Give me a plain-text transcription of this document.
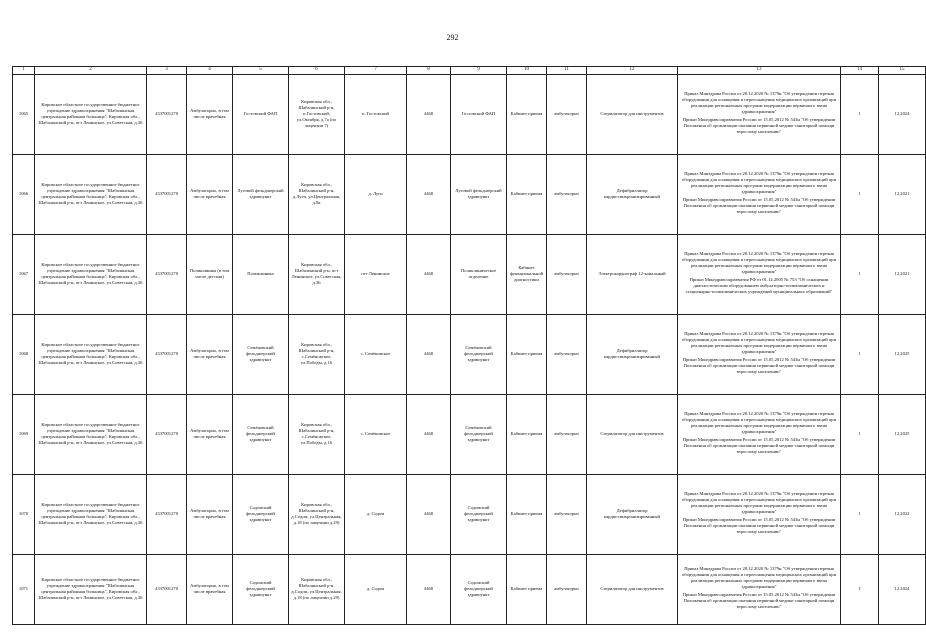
292
1	2	3	4	5	6	7	8	9	10	11	12	13	14	15
1065	Кировское областное государственное бюджетное учреждение здравоохранения "Шабалинская центральная районная больница", Кировская обл., Шабалинский р-н, пгт Ленинское, ул.Советская, д.36	4337001270	Амбулаторно, в том числе врачебная	Гостовский ФАП	Кировская обл., Шабалинский р-н, п.Гостовский, ул.Октября, д.7а (по лицензии 7)	п. Гостовский	4468	Гостовский ФАП	Кабинет приема	амбулаторно	Стерилизатор для инструментов	Приказ Минздрава России от 28.12.2020 № 1379н "Об утверждении перечня оборудования для оснащения и переоснащения медицинских организаций при реализации региональных программ модернизации первичного звена здравоохранения"
Приказ Минздравсоцразвития России от 15.05.2012 № 543н "Об утверждении Положения об организации оказания первичной медико-санитарной помощи взрослому населению"	1	12.2024
1066	Кировское областное государственное бюджетное учреждение здравоохранения "Шабалинская центральная районная больница", Кировская обл., Шабалинский р-н, пгт Ленинское, ул.Советская, д.36	4337001270	Амбулаторно, в том числе врачебная	Луговой фельдшерский здравпункт	Кировская обл., Шабалинский р-н, д.Луги, ул.Центральная, д.8а	д. Луги	4468	Луговой фельдшерский здравпункт	Кабинет приема	амбулаторно	Дефибриллятор кардиосинхронизированный	Приказ Минздрава России от 28.12.2020 № 1379н "Об утверждении перечня оборудования для оснащения и переоснащения медицинских организаций при реализации региональных программ модернизации первичного звена здравоохранения"
Приказ Минздравсоцразвития России от 15.05.2012 № 543н "Об утверждении Положения об организации оказания первичной медико-санитарной помощи взрослому населению"	1	12.2021
1067	Кировское областное государственное бюджетное учреждение здравоохранения "Шабалинская центральная районная больница", Кировская обл., Шабалинский р-н, пгт Ленинское, ул.Советская, д.36	4337001270	Поликлиника (в том числе детская)	Поликлиника	Кировская обл., Шабалинский р-н, пгт Ленинское, ул.Советская, д.36	пгт Ленинское	4468	Поликлиническое отделение	Кабинет функциональной диагностики	амбулаторно	Электрокардиограф 12-канальный	Приказ Минздрава России от 28.12.2020 № 1379н "Об утверждении перечня оборудования для оснащения и переоснащения медицинских организаций при реализации региональных программ модернизации первичного звена здравоохранения"
Приказ Минздравсоцразвития РФ от 01.12.2005 № 753 "Об оснащении диагностическим оборудованием амбулаторно-поликлинических и стационарно-поликлинических учреждений муниципальных образований"	1	12.2021
1068	Кировское областное государственное бюджетное учреждение здравоохранения "Шабалинская центральная районная больница", Кировская обл., Шабалинский р-н, пгт Ленинское, ул.Советская, д.36	4337001270	Амбулаторно, в том числе врачебная	Семёновский фельдшерский здравпункт	Кировская обл., Шабалинский р-н, с.Семёновское, ул.Победы, д.16	с. Семёновское	4468	Семёновский фельдшерский здравпункт	Кабинет приема	амбулаторно	Дефибриллятор кардиосинхронизированный	Приказ Минздрава России от 28.12.2020 № 1379н "Об утверждении перечня оборудования для оснащения и переоснащения медицинских организаций при реализации региональных программ модернизации первичного звена здравоохранения"
Приказ Минздравсоцразвития России от 15.05.2012 № 543н "Об утверждении Положения об организации оказания первичной медико-санитарной помощи взрослому населению"	1	12.2025
1069	Кировское областное государственное бюджетное учреждение здравоохранения "Шабалинская центральная районная больница", Кировская обл., Шабалинский р-н, пгт Ленинское, ул.Советская, д.36	4337001270	Амбулаторно, в том числе врачебная	Семёновский фельдшерский здравпункт	Кировская обл., Шабалинский р-н, с.Семёновское, ул.Победы, д.16	с. Семёновское	4468	Семёновский фельдшерский здравпункт	Кабинет приема	амбулаторно	Стерилизатор для инструментов	Приказ Минздрава России от 28.12.2020 № 1379н "Об утверждении перечня оборудования для оснащения и переоснащения медицинских организаций при реализации региональных программ модернизации первичного звена здравоохранения"
Приказ Минздравсоцразвития России от 15.05.2012 № 543н "Об утверждении Положения об организации оказания первичной медико-санитарной помощи взрослому населению"	1	12.2025
1070	Кировское областное государственное бюджетное учреждение здравоохранения "Шабалинская центральная районная больница", Кировская обл., Шабалинский р-н, пгт Ленинское, ул.Советская, д.36	4337001270	Амбулаторно, в том числе врачебная	Содомский фельдшерский здравпункт	Кировская обл., Шабалинский р-н, д.Содом, ул.Центральная, д.18 (по лицензии д.29)	д. Содом	4468	Содомский фельдшерский здравпункт	Кабинет приема	амбулаторно	Дефибриллятор кардиосинхронизированный	Приказ Минздрава России от 28.12.2020 № 1379н "Об утверждении перечня оборудования для оснащения и переоснащения медицинских организаций при реализации региональных программ модернизации первичного звена здравоохранения"
Приказ Минздравсоцразвития России от 15.05.2012 № 543н "Об утверждении Положения об организации оказания первичной медико-санитарной помощи взрослому населению"	1	12.2022
1071	Кировское областное государственное бюджетное учреждение здравоохранения "Шабалинская центральная районная больница", Кировская обл., Шабалинский р-н, пгт Ленинское, ул.Советская, д.36	4337001270	Амбулаторно, в том числе врачебная	Содомский фельдшерский здравпункт	Кировская обл., Шабалинский р-н, д.Содом, ул.Центральная, д.18 (по лицензии д.29)	д. Содом	4468	Содомский фельдшерский здравпункт	Кабинет приема	амбулаторно	Стерилизатор для инструментов	Приказ Минздрава России от 28.12.2020 № 1379н "Об утверждении перечня оборудования для оснащения и переоснащения медицинских организаций при реализации региональных программ модернизации первичного звена здравоохранения"
Приказ Минздравсоцразвития России от 15.05.2012 № 543н "Об утверждении Положения об организации оказания первичной медико-санитарной помощи взрослому населению"	1	12.2024
